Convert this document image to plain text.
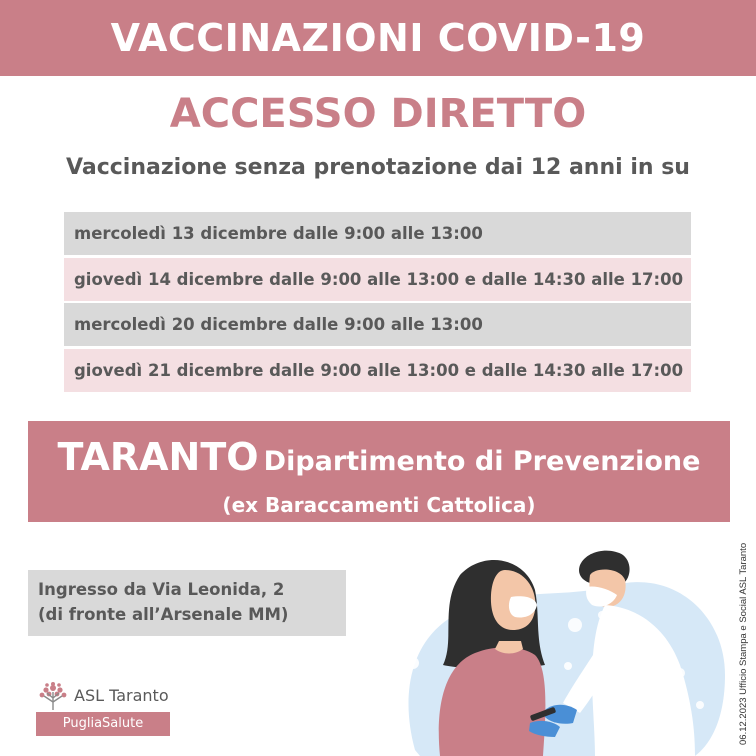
VACCINAZIONI COVID-19
ACCESSO DIRETTO
Vaccinazione senza prenotazione dai 12 anni in su
mercoledì 13 dicembre dalle 9:00 alle 13:00
giovedì 14 dicembre dalle 9:00 alle 13:00 e dalle 14:30 alle 17:00
mercoledì 20 dicembre dalle 9:00 alle 13:00
giovedì 21 dicembre dalle 9:00 alle 13:00 e dalle 14:30 alle 17:00
TARANTO Dipartimento di Prevenzione
(ex Baraccamenti Cattolica)
Ingresso da Via Leonida, 2
(di fronte all’Arsenale MM)
ASL Taranto
PugliaSalute	06.12.2023 Ufficio Stampa e Social ASL Taranto
